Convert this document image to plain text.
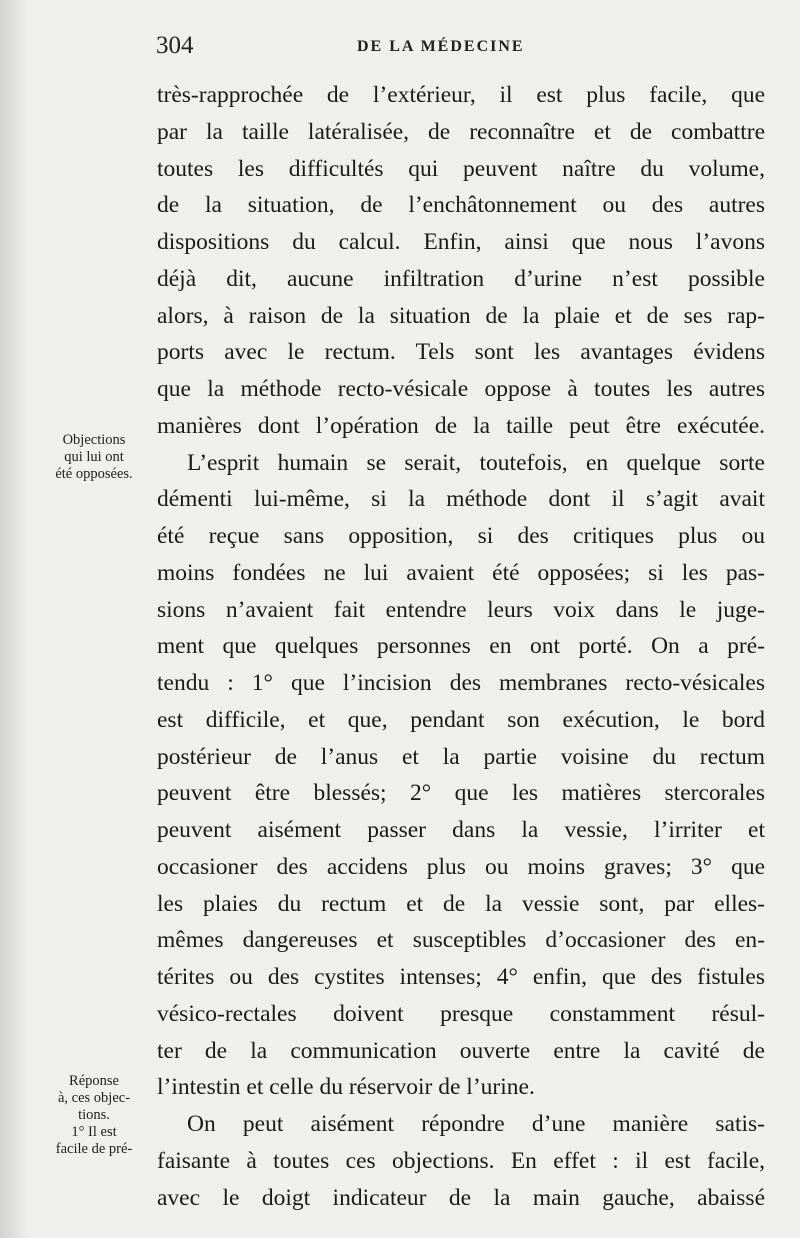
304	DE LA MÉDECINE
très-rapprochée de l’extérieur, il est plus facile, que
par la taille latéralisée, de reconnaître et de combattre
toutes les difficultés qui peuvent naître du volume,
de la situation, de l’enchâtonnement ou des autres
dispositions du calcul. Enfin, ainsi que nous l’avons
déjà dit, aucune infiltration d’urine n’est possible
alors, à raison de la situation de la plaie et de ses rap-
ports avec le rectum. Tels sont les avantages évidens
que la méthode recto-vésicale oppose à toutes les autres
manières dont l’opération de la taille peut être exécutée.
L’esprit humain se serait, toutefois, en quelque sorte
démenti lui-même, si la méthode dont il s’agit avait
été reçue sans opposition, si des critiques plus ou
moins fondées ne lui avaient été opposées; si les pas-
sions n’avaient fait entendre leurs voix dans le juge-
ment que quelques personnes en ont porté. On a pré-
tendu : 1° que l’incision des membranes recto-vésicales
est difficile, et que, pendant son exécution, le bord
postérieur de l’anus et la partie voisine du rectum
peuvent être blessés; 2° que les matières stercorales
peuvent aisément passer dans la vessie, l’irriter et
occasioner des accidens plus ou moins graves; 3° que
les plaies du rectum et de la vessie sont, par elles-
mêmes dangereuses et susceptibles d’occasioner des en-
térites ou des cystites intenses; 4° enfin, que des fistules
vésico-rectales doivent presque constamment résul-
ter de la communication ouverte entre la cavité de
l’intestin et celle du réservoir de l’urine.
On peut aisément répondre d’une manière satis-
faisante à toutes ces objections. En effet : il est facile,
avec le doigt indicateur de la main gauche, abaissé
Objections
qui lui ont
été opposées.
Réponse
à, ces objec-
tions.
1° Il est
facile de pré-
